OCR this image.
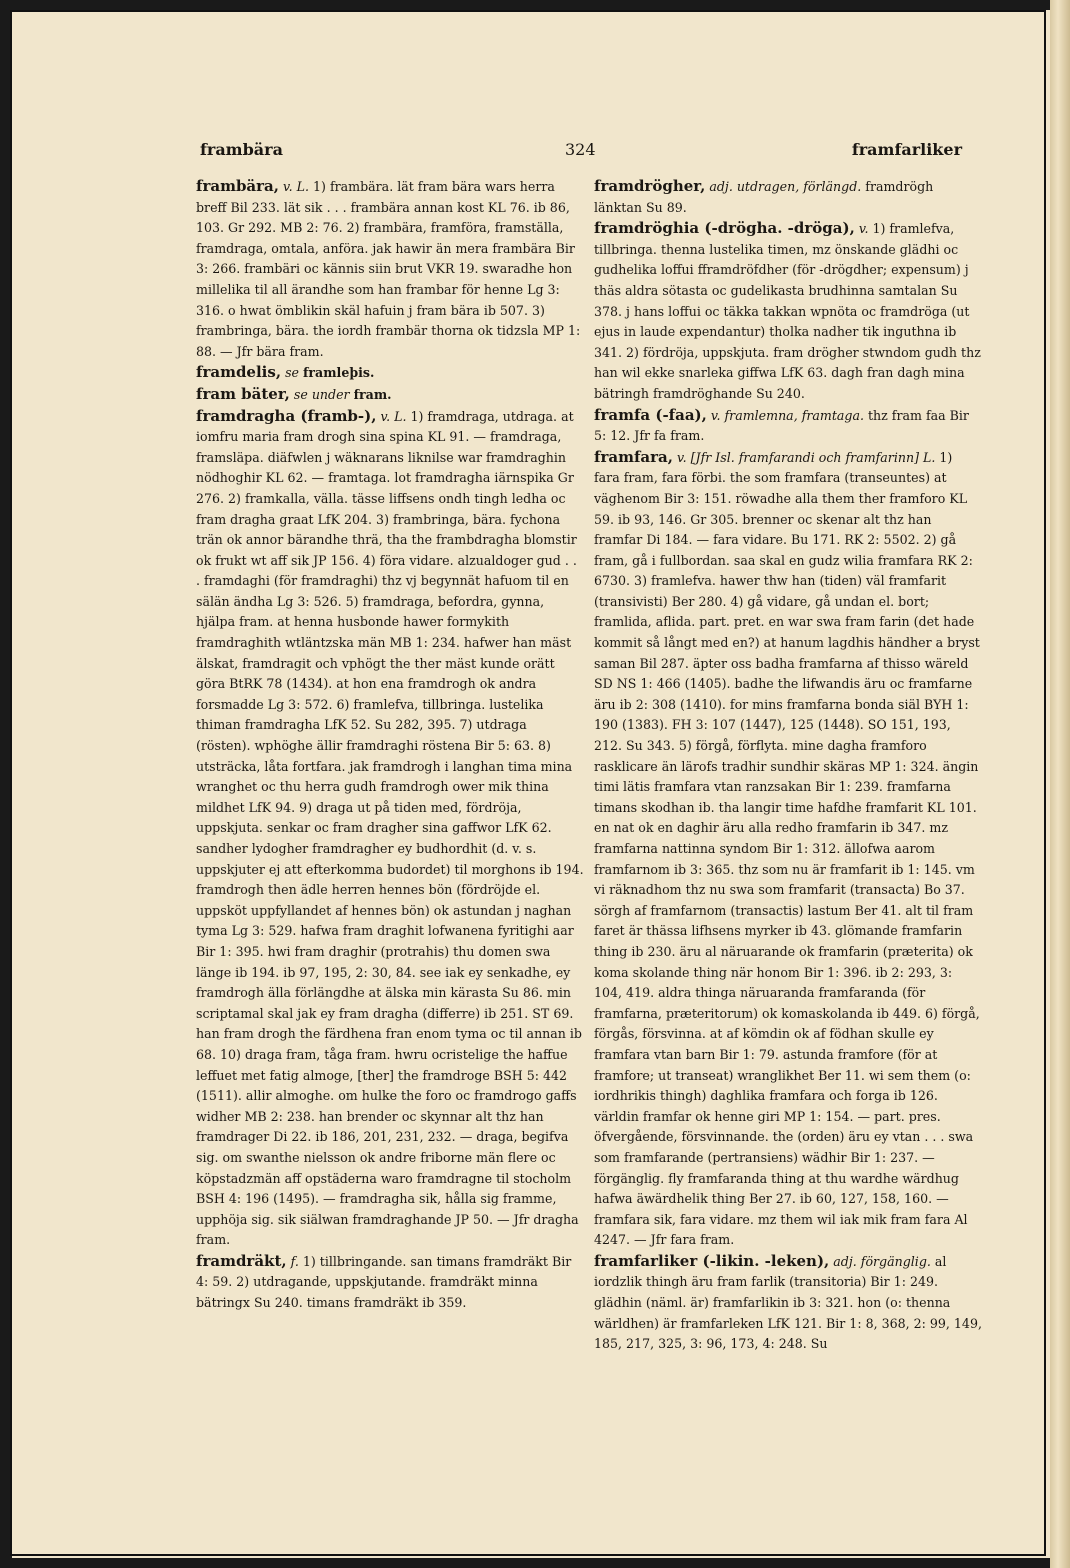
frambära	324	framfarliker

frambära, v. L. 1) frambära. lät fram bära wars herra breff Bil 233. lät sik . . . frambära annan kost KL 76. ib 86, 103. Gr 292. MB 2: 76. 2) frambära, framföra, framställa, framdraga, omtala, anföra. jak hawir än mera frambära Bir 3: 266. frambäri oc kännis siin brut VKR 19. swaradhe hon millelika til all ärandhe som han frambar för henne Lg 3: 316. o hwat ömblikin skäl hafuin j fram bära ib 507. 3) frambringa, bära. the iordh frambär thorna ok tidzsla MP 1: 88. — Jfr bära fram.

framdelis, se framleþis.

fram bäter, se under fram.

framdragha (framb-), v. L. 1) framdraga, utdraga. at iomfru maria fram drogh sina spina KL 91. — framdraga, framsläpa. diäfwlen j wäknarans liknilse war framdraghin nödhoghir KL 62. — framtaga. lot framdragha iärnspika Gr 276. 2) framkalla, välla. tässe liffsens ondh tingh ledha oc fram dragha graat LfK 204. 3) frambringa, bära. fychona trän ok annor bärandhe thrä, tha the frambdragha blomstir ok frukt wt aff sik JP 156. 4) föra vidare. alzualdoger gud . . . framdaghi (för framdraghi) thz vj begynnät hafuom til en sälän ändha Lg 3: 526. 5) framdraga, befordra, gynna, hjälpa fram. at henna husbonde hawer formykith framdraghith wtläntzska män MB 1: 234. hafwer han mäst älskat, framdragit och vphögt the ther mäst kunde orätt göra BtRK 78 (1434). at hon ena framdrogh ok andra forsmadde Lg 3: 572. 6) framlefva, tillbringa. lustelika thiman framdragha LfK 52. Su 282, 395. 7) utdraga (rösten). wphöghe ällir framdraghi röstena Bir 5: 63. 8) utsträcka, låta fortfara. jak framdrogh i langhan tima mina wranghet oc thu herra gudh framdrogh ower mik thina mildhet LfK 94. 9) draga ut på tiden med, fördröja, uppskjuta. senkar oc fram dragher sina gaffwor LfK 62. sandher lydogher framdragher ey budhordhit (d. v. s. uppskjuter ej att efterkomma budordet) til morghons ib 194. framdrogh then ädle herren hennes bön (fördröjde el. uppsköt uppfyllandet af hennes bön) ok astundan j naghan tyma Lg 3: 529. hafwa fram draghit lofwanena fyritighi aar Bir 1: 395. hwi fram draghir (protrahis) thu domen swa länge ib 194. ib 97, 195, 2: 30, 84. see iak ey senkadhe, ey framdrogh älla förlängdhe at älska min kärasta Su 86. min scriptamal skal jak ey fram dragha (differre) ib 251. ST 69. han fram drogh the färdhena fran enom tyma oc til annan ib 68. 10) draga fram, tåga fram. hwru ocristelige the haffue leffuet met fatig almoge, [ther] the framdroge BSH 5: 442 (1511). allir almoghe. om hulke the foro oc framdrogo gaffs widher MB 2: 238. han brender oc skynnar alt thz han framdrager Di 22. ib 186, 201, 231, 232. — draga, begifva sig. om swanthe nielsson ok andre friborne män flere oc köpstadzmän aff opstäderna waro framdragne til stocholm BSH 4: 196 (1495). — framdragha sik, hålla sig framme, upphöja sig. sik siälwan framdraghande JP 50. — Jfr dragha fram.

framdräkt, f. 1) tillbringande. san timans framdräkt Bir 4: 59. 2) utdragande, uppskjutande. framdräkt minna bätringx Su 240. timans framdräkt ib 359.

framdrögher, adj. utdragen, förlängd. framdrögh länktan Su 89.

framdröghia (-drögha. -dröga), v. 1) framlefva, tillbringa. thenna lustelika timen, mz önskande glädhi oc gudhelika loffui fframdröfdher (för -drögdher; expensum) j thäs aldra sötasta oc gudelikasta brudhinna samtalan Su 378. j hans loffui oc täkka takkan wpnöta oc framdröga (ut ejus in laude expendantur) tholka nadher tik inguthna ib 341. 2) fördröja, uppskjuta. fram drögher stwndom gudh thz han wil ekke snarleka giffwa LfK 63. dagh fran dagh mina bätringh framdröghande Su 240.

framfa (-faa), v. framlemna, framtaga. thz fram faa Bir 5: 12. Jfr fa fram.

framfara, v. [Jfr Isl. framfarandi och framfarinn] L. 1) fara fram, fara förbi. the som framfara (transeuntes) at väghenom Bir 3: 151. röwadhe alla them ther framforo KL 59. ib 93, 146. Gr 305. brenner oc skenar alt thz han framfar Di 184. — fara vidare. Bu 171. RK 2: 5502. 2) gå fram, gå i fullbordan. saa skal en gudz wilia framfara RK 2: 6730. 3) framlefva. hawer thw han (tiden) väl framfarit (transivisti) Ber 280. 4) gå vidare, gå undan el. bort; framlida, aflida. part. pret. en war swa fram farin (det hade kommit så långt med en?) at hanum lagdhis händher a bryst saman Bil 287. äpter oss badha framfarna af thisso wäreld SD NS 1: 466 (1405). badhe the lifwandis äru oc framfarne äru ib 2: 308 (1410). for mins framfarna bonda siäl BYH 1: 190 (1383). FH 3: 107 (1447), 125 (1448). SO 151, 193, 212. Su 343. 5) förgå, förflyta. mine dagha framforo rasklicare än lärofs tradhir sundhir skäras MP 1: 324. ängin timi lätis framfara vtan ranzsakan Bir 1: 239. framfarna timans skodhan ib. tha langir time hafdhe framfarit KL 101. en nat ok en daghir äru alla redho framfarin ib 347. mz framfarna nattinna syndom Bir 1: 312. ällofwa aarom framfarnom ib 3: 365. thz som nu är framfarit ib 1: 145. vm vi räknadhom thz nu swa som framfarit (transacta) Bo 37. sörgh af framfarnom (transactis) lastum Ber 41. alt til fram faret är thässa lifhsens myrker ib 43. glömande framfarin thing ib 230. äru al näruarande ok framfarin (præterita) ok koma skolande thing när honom Bir 1: 396. ib 2: 293, 3: 104, 419. aldra thinga näruaranda framfaranda (för framfarna, præteritorum) ok komaskolanda ib 449. 6) förgå, förgås, försvinna. at af kömdin ok af födhan skulle ey framfara vtan barn Bir 1: 79. astunda framfore (för at framfore; ut transeat) wranglikhet Ber 11. wi sem them (o: iordhrikis thingh) daghlika framfara och forga ib 126. världin framfar ok henne giri MP 1: 154. — part. pres. öfvergående, försvinnande. the (orden) äru ey vtan . . . swa som framfarande (pertransiens) wädhir Bir 1: 237. — förgänglig. fly framfaranda thing at thu wardhe wärdhug hafwa äwärdhelik thing Ber 27. ib 60, 127, 158, 160. — framfara sik, fara vidare. mz them wil iak mik fram fara Al 4247. — Jfr fara fram.

framfarliker (-likin. -leken), adj. förgänglig. al iordzlik thingh äru fram farlik (transitoria) Bir 1: 249. glädhin (näml. är) framfarlikin ib 3: 321. hon (o: thenna wärldhen) är framfarleken LfK 121. Bir 1: 8, 368, 2: 99, 149, 185, 217, 325, 3: 96, 173, 4: 248. Su
